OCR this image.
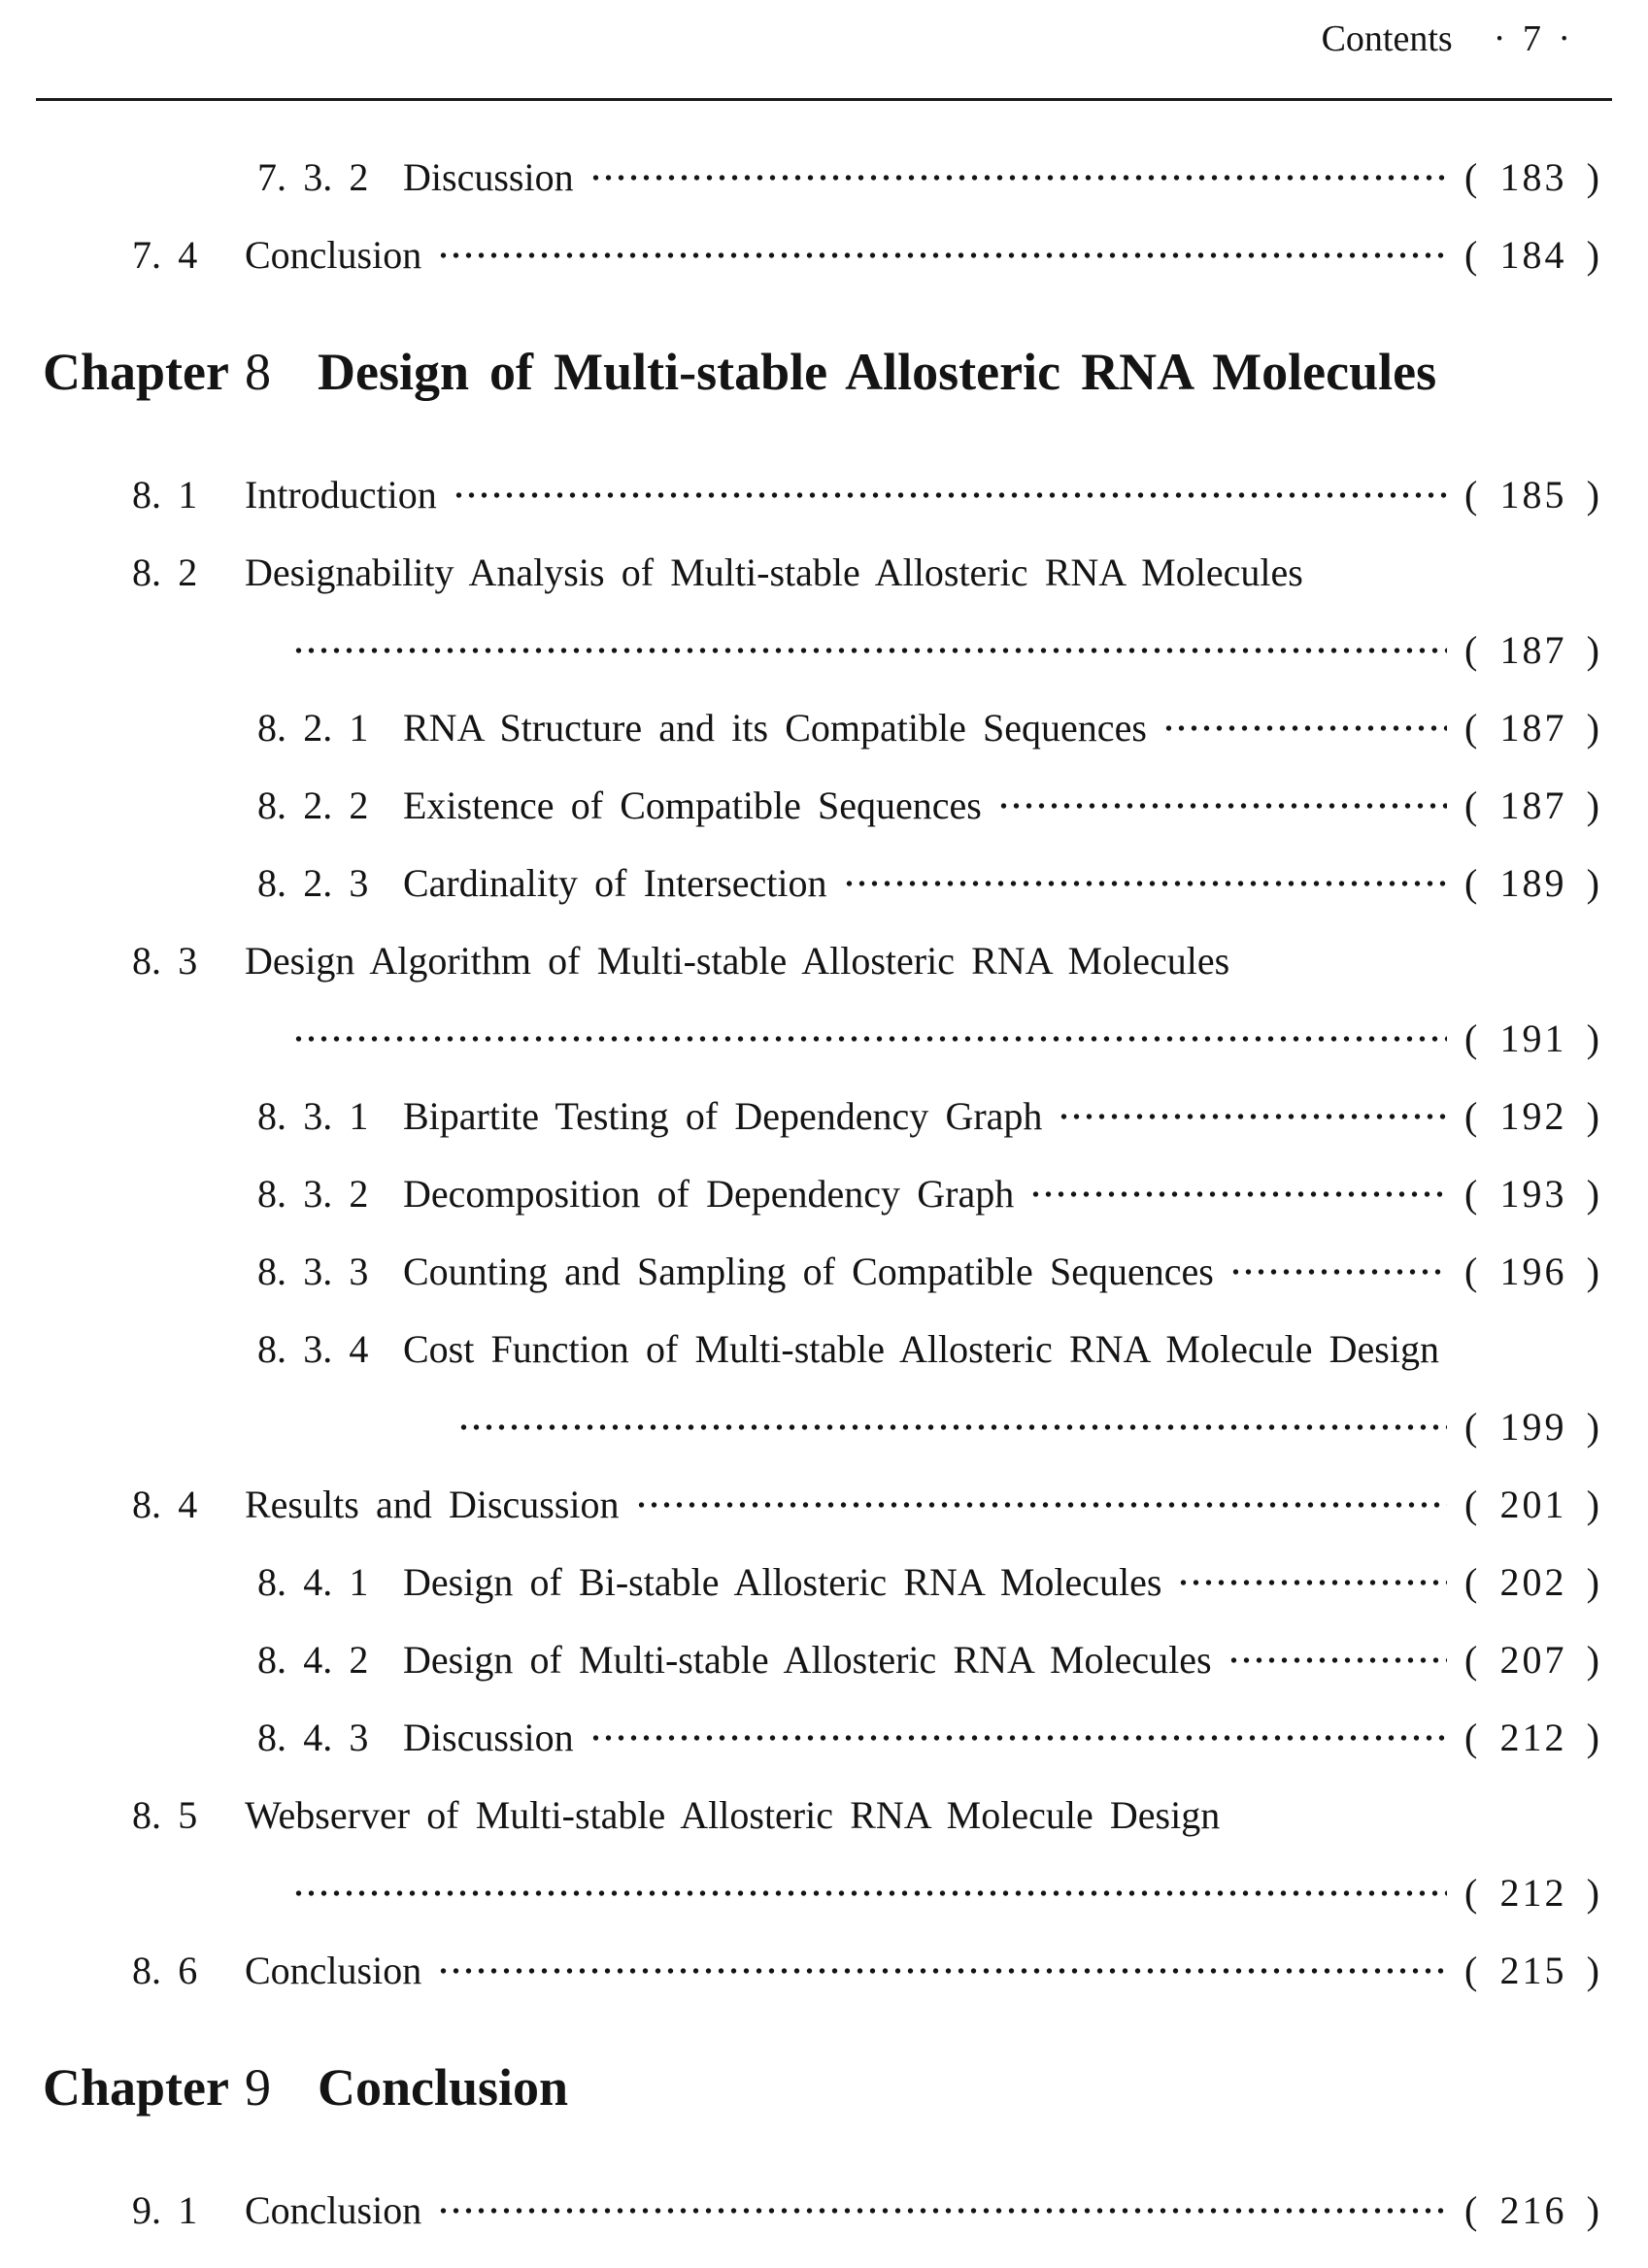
Contents · 7 ·
7. 3. 2 Discussion	( 183 )
7. 4	Conclusion	( 184 )
Chapter 8 Design of Multi-stable Allosteric RNA Molecules
8. 1	Introduction	( 185 )
8. 2	Designability Analysis of Multi-stable Allosteric RNA Molecules
( 187 )
8. 2. 1 RNA Structure and its Compatible Sequences	( 187 )
8. 2. 2 Existence of Compatible Sequences	( 187 )
8. 2. 3 Cardinality of Intersection	( 189 )
8. 3	Design Algorithm of Multi-stable Allosteric RNA Molecules
( 191 )
8. 3. 1 Bipartite Testing of Dependency Graph	( 192 )
8. 3. 2 Decomposition of Dependency Graph	( 193 )
8. 3. 3 Counting and Sampling of Compatible Sequences	( 196 )
8. 3. 4 Cost Function of Multi-stable Allosteric RNA Molecule Design
( 199 )
8. 4	Results and Discussion	( 201 )
8. 4. 1 Design of Bi-stable Allosteric RNA Molecules	( 202 )
8. 4. 2 Design of Multi-stable Allosteric RNA Molecules	( 207 )
8. 4. 3 Discussion	( 212 )
8. 5	Webserver of Multi-stable Allosteric RNA Molecule Design
( 212 )
8. 6	Conclusion	( 215 )
Chapter 9 Conclusion
9. 1	Conclusion	( 216 )
